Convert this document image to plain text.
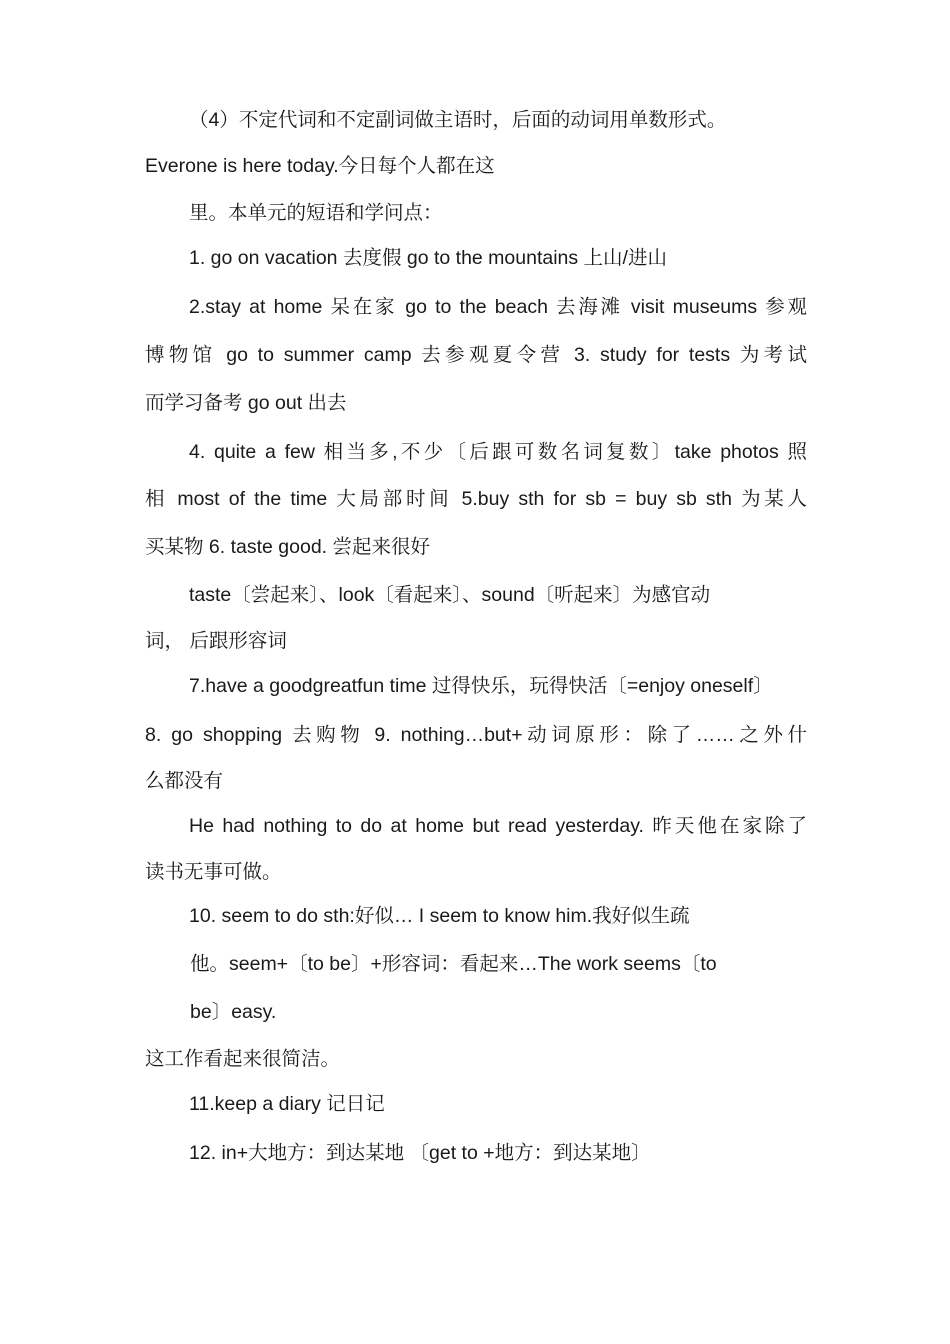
（4）不定代词和不定副词做主语时，后面的动词用单数形式。
Everone is here today.今日每个人都在这
里。本单元的短语和学问点：
1. go on vacation 去度假 go to the mountains 上山/进山
2.stay at home 呆在家 go to the beach 去海滩 visit museums 参观
博物馆 go to summer camp 去参观夏令营 3. study for tests 为考试
而学习备考 go out 出去
4. quite a few 相当多,不少〔后跟可数名词复数〕take photos 照
相 most of the time 大局部时间 5.buy sth for sb = buy sb sth 为某人
买某物 6. taste good. 尝起来很好
taste〔尝起来〕、look〔看起来〕、sound〔听起来〕为感官动
词， 后跟形容词
7.have a goodgreatfun time 过得快乐，玩得快活〔=enjoy oneself〕
8. go shopping 去购物 9. nothing…but+动词原形：除了……之外什
么都没有
He had nothing to do at home but read yesterday. 昨天他在家除了
读书无事可做。
10. seem to do sth:好似… I seem to know him.我好似生疏
他。seem+〔to be〕+形容词：看起来…The work seems〔to
be〕easy.
这工作看起来很简洁。
11.keep a diary 记日记
12. in+大地方：到达某地 〔get to +地方：到达某地〕
